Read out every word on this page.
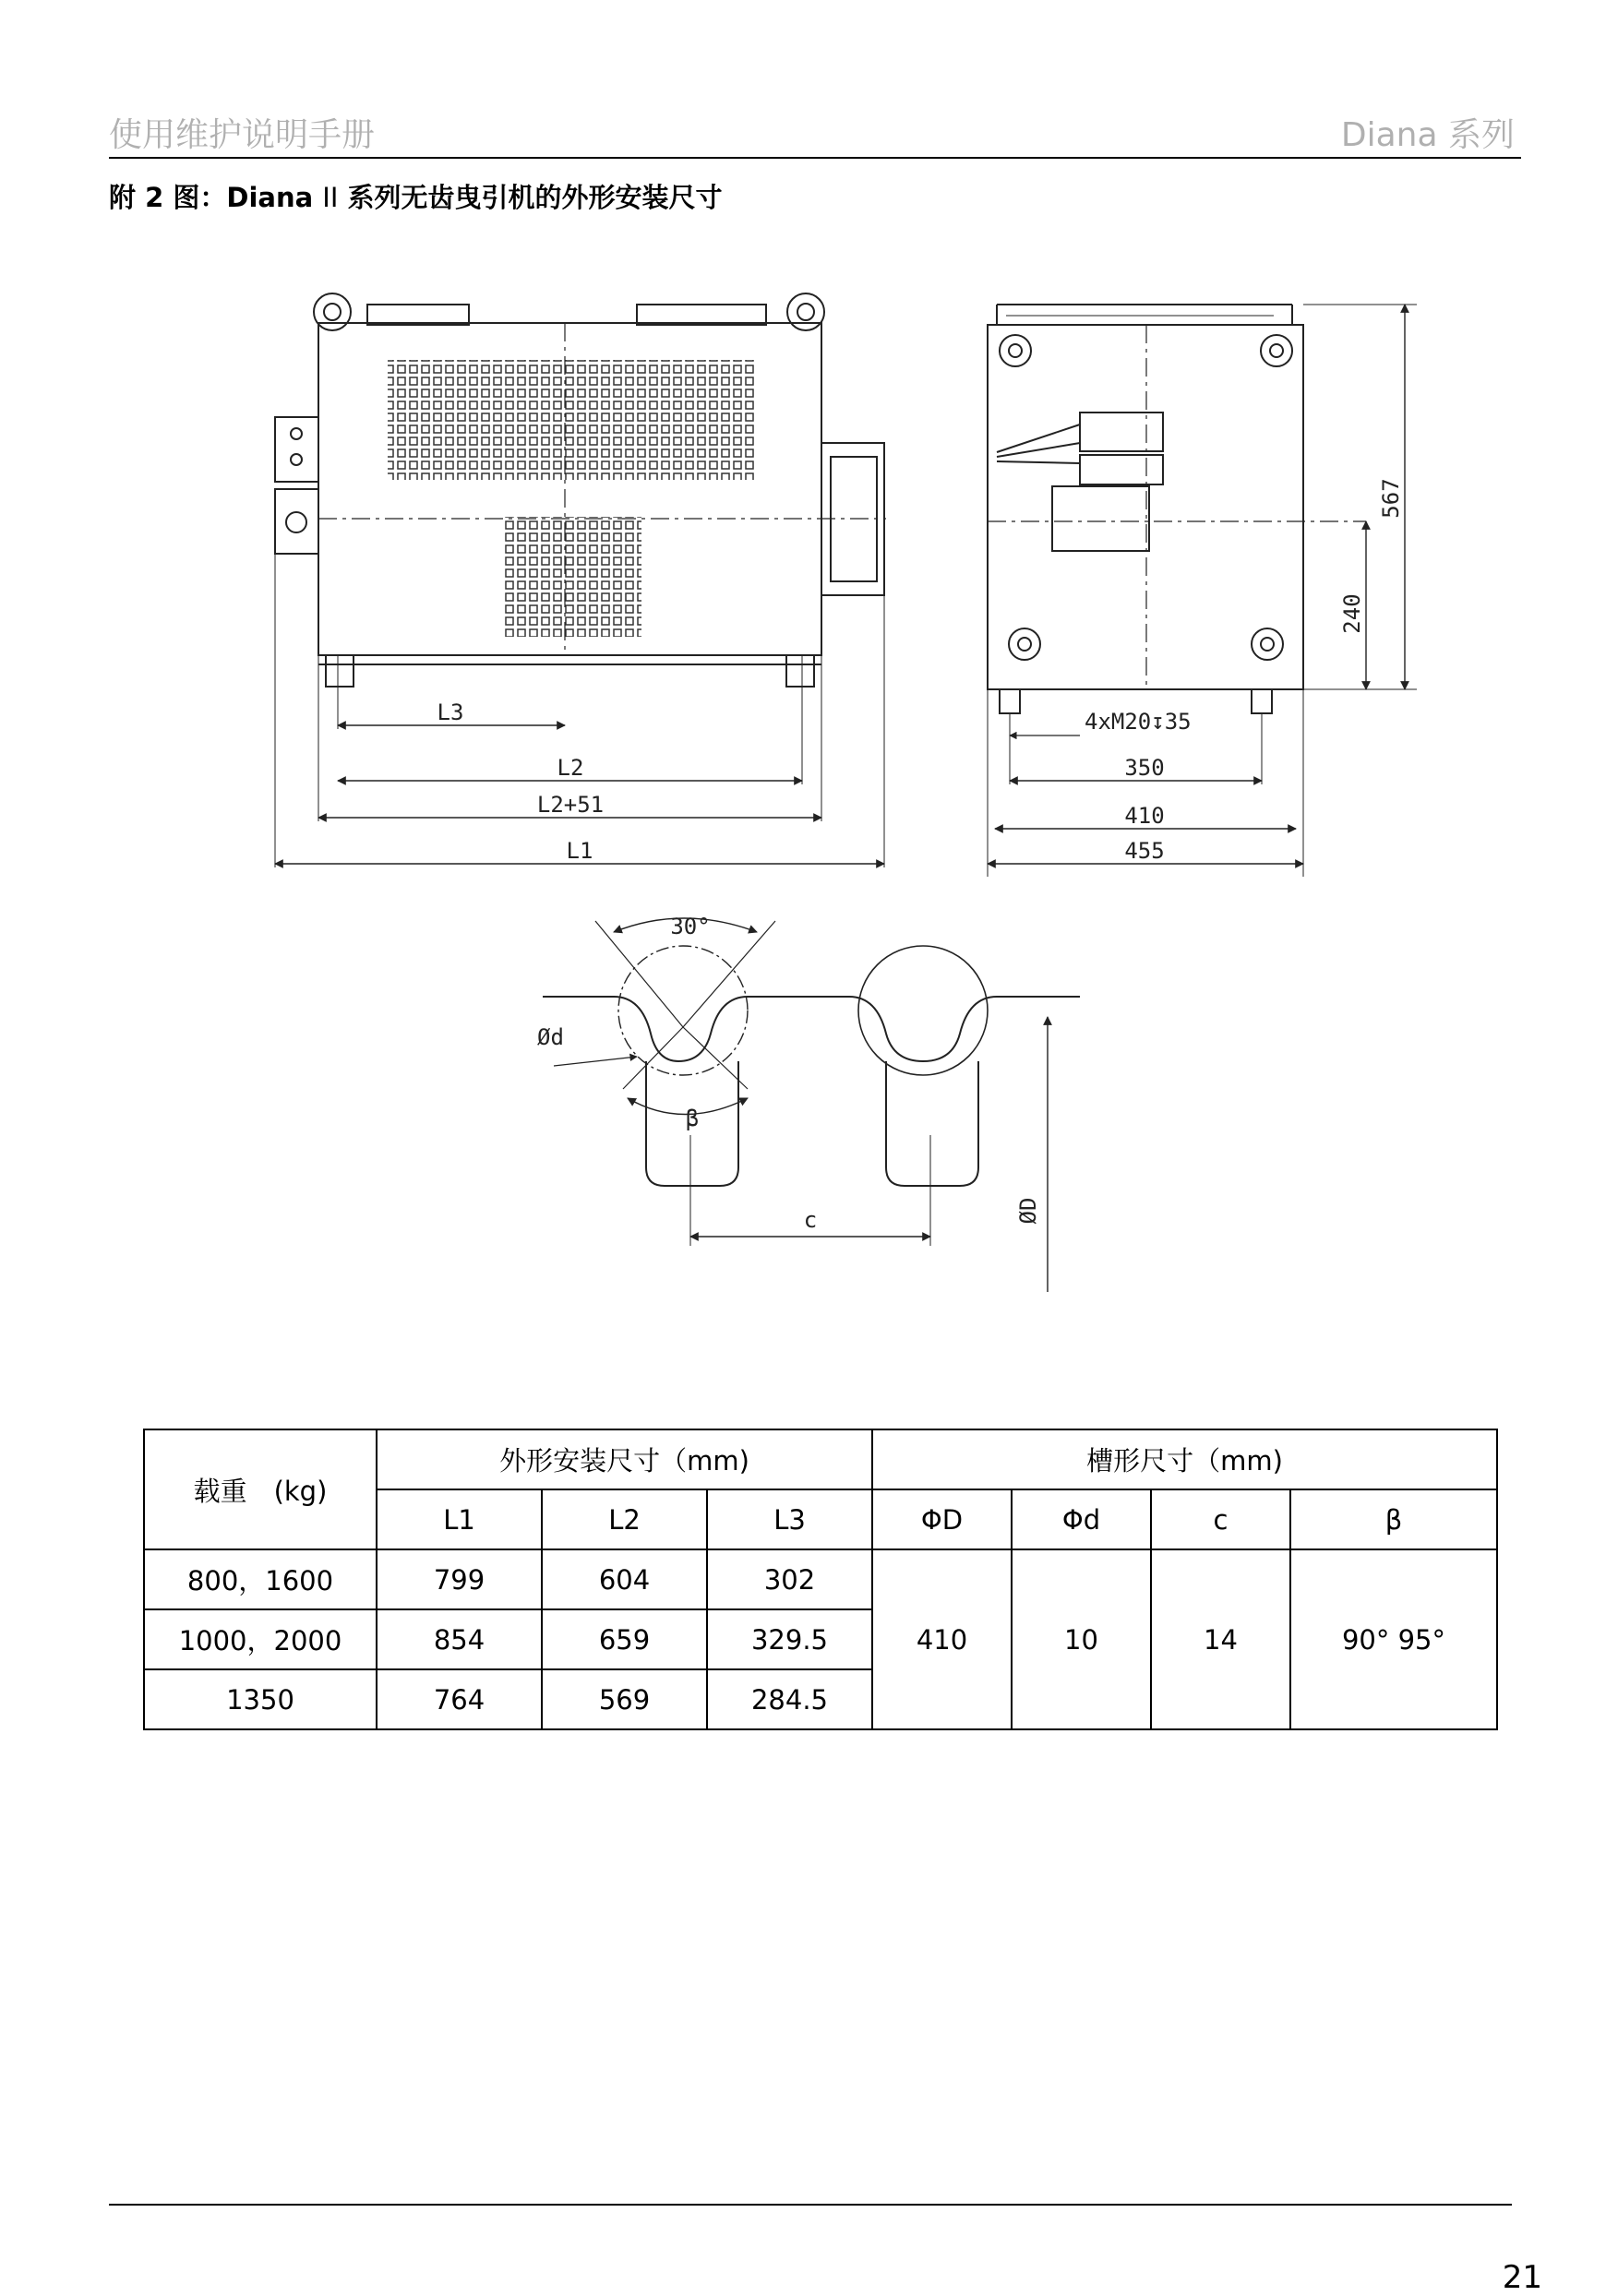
使用维护说明手册	Diana 系列
附 2 图：Diana II 系列无齿曳引机的外形安装尺寸
L3
L2
L2+51
L1
4xM20↧35
350
410
455
567
240
30°
Ød
β
c	ØD
载重　(kg)	外形安装尺寸（mm)			槽形尺寸（mm)			
	L1	L2	L3	ΦD	Φd	c	β
800，1600	799	604	302	410	10	14	90° 95°
1000，2000	854	659	329.5				
1350	764	569	284.5				
21
